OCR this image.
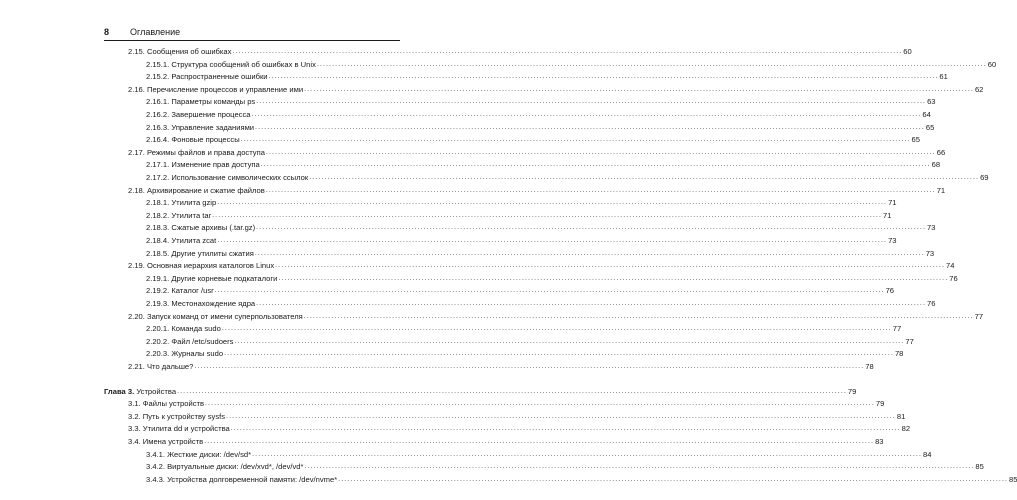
8 Оглавление
2.15. Сообщения об ошибках ............................................................................................................................................................................................................................ 60
2.15.1. Структура сообщений об ошибках в Unix ............................................................................................................................................................................................................................ 60
2.15.2. Распространенные ошибки ............................................................................................................................................................................................................................ 61
2.16. Перечисление процессов и управление ими ............................................................................................................................................................................................................................ 62
2.16.1. Параметры команды ps ............................................................................................................................................................................................................................ 63
2.16.2. Завершение процесса ............................................................................................................................................................................................................................ 64
2.16.3. Управление заданиями ............................................................................................................................................................................................................................ 65
2.16.4. Фоновые процессы ............................................................................................................................................................................................................................ 65
2.17. Режимы файлов и права доступа ............................................................................................................................................................................................................................ 66
2.17.1. Изменение прав доступа ............................................................................................................................................................................................................................ 68
2.17.2. Использование символических ссылок ............................................................................................................................................................................................................................ 69
2.18. Архивирование и сжатие файлов ............................................................................................................................................................................................................................ 71
2.18.1. Утилита gzip ............................................................................................................................................................................................................................ 71
2.18.2. Утилита tar ............................................................................................................................................................................................................................ 71
2.18.3. Сжатые архивы (.tar.gz) ............................................................................................................................................................................................................................ 73
2.18.4. Утилита zcat ............................................................................................................................................................................................................................ 73
2.18.5. Другие утилиты сжатия ............................................................................................................................................................................................................................ 73
2.19. Основная иерархия каталогов Linux ............................................................................................................................................................................................................................ 74
2.19.1. Другие корневые подкаталоги ............................................................................................................................................................................................................................ 76
2.19.2. Каталог /usr ............................................................................................................................................................................................................................ 76
2.19.3. Местонахождение ядра ............................................................................................................................................................................................................................ 76
2.20. Запуск команд от имени суперпользователя ............................................................................................................................................................................................................................ 77
2.20.1. Команда sudo ............................................................................................................................................................................................................................ 77
2.20.2. Файл /etc/sudoers ............................................................................................................................................................................................................................ 77
2.20.3. Журналы sudo ............................................................................................................................................................................................................................ 78
2.21. Что дальше? ............................................................................................................................................................................................................................ 78
Глава 3. Устройства ............................................................................................................................................................................................................................ 79
3.1. Файлы устройств ............................................................................................................................................................................................................................ 79
3.2. Путь к устройству sysfs ............................................................................................................................................................................................................................ 81
3.3. Утилита dd и устройства ............................................................................................................................................................................................................................ 82
3.4. Имена устройств ............................................................................................................................................................................................................................ 83
3.4.1. Жесткие диски: /dev/sd* ............................................................................................................................................................................................................................ 84
3.4.2. Виртуальные диски: /dev/xvd*, /dev/vd* ............................................................................................................................................................................................................................ 85
3.4.3. Устройства долговременной памяти: /dev/nvme* ............................................................................................................................................................................................................................ 85
